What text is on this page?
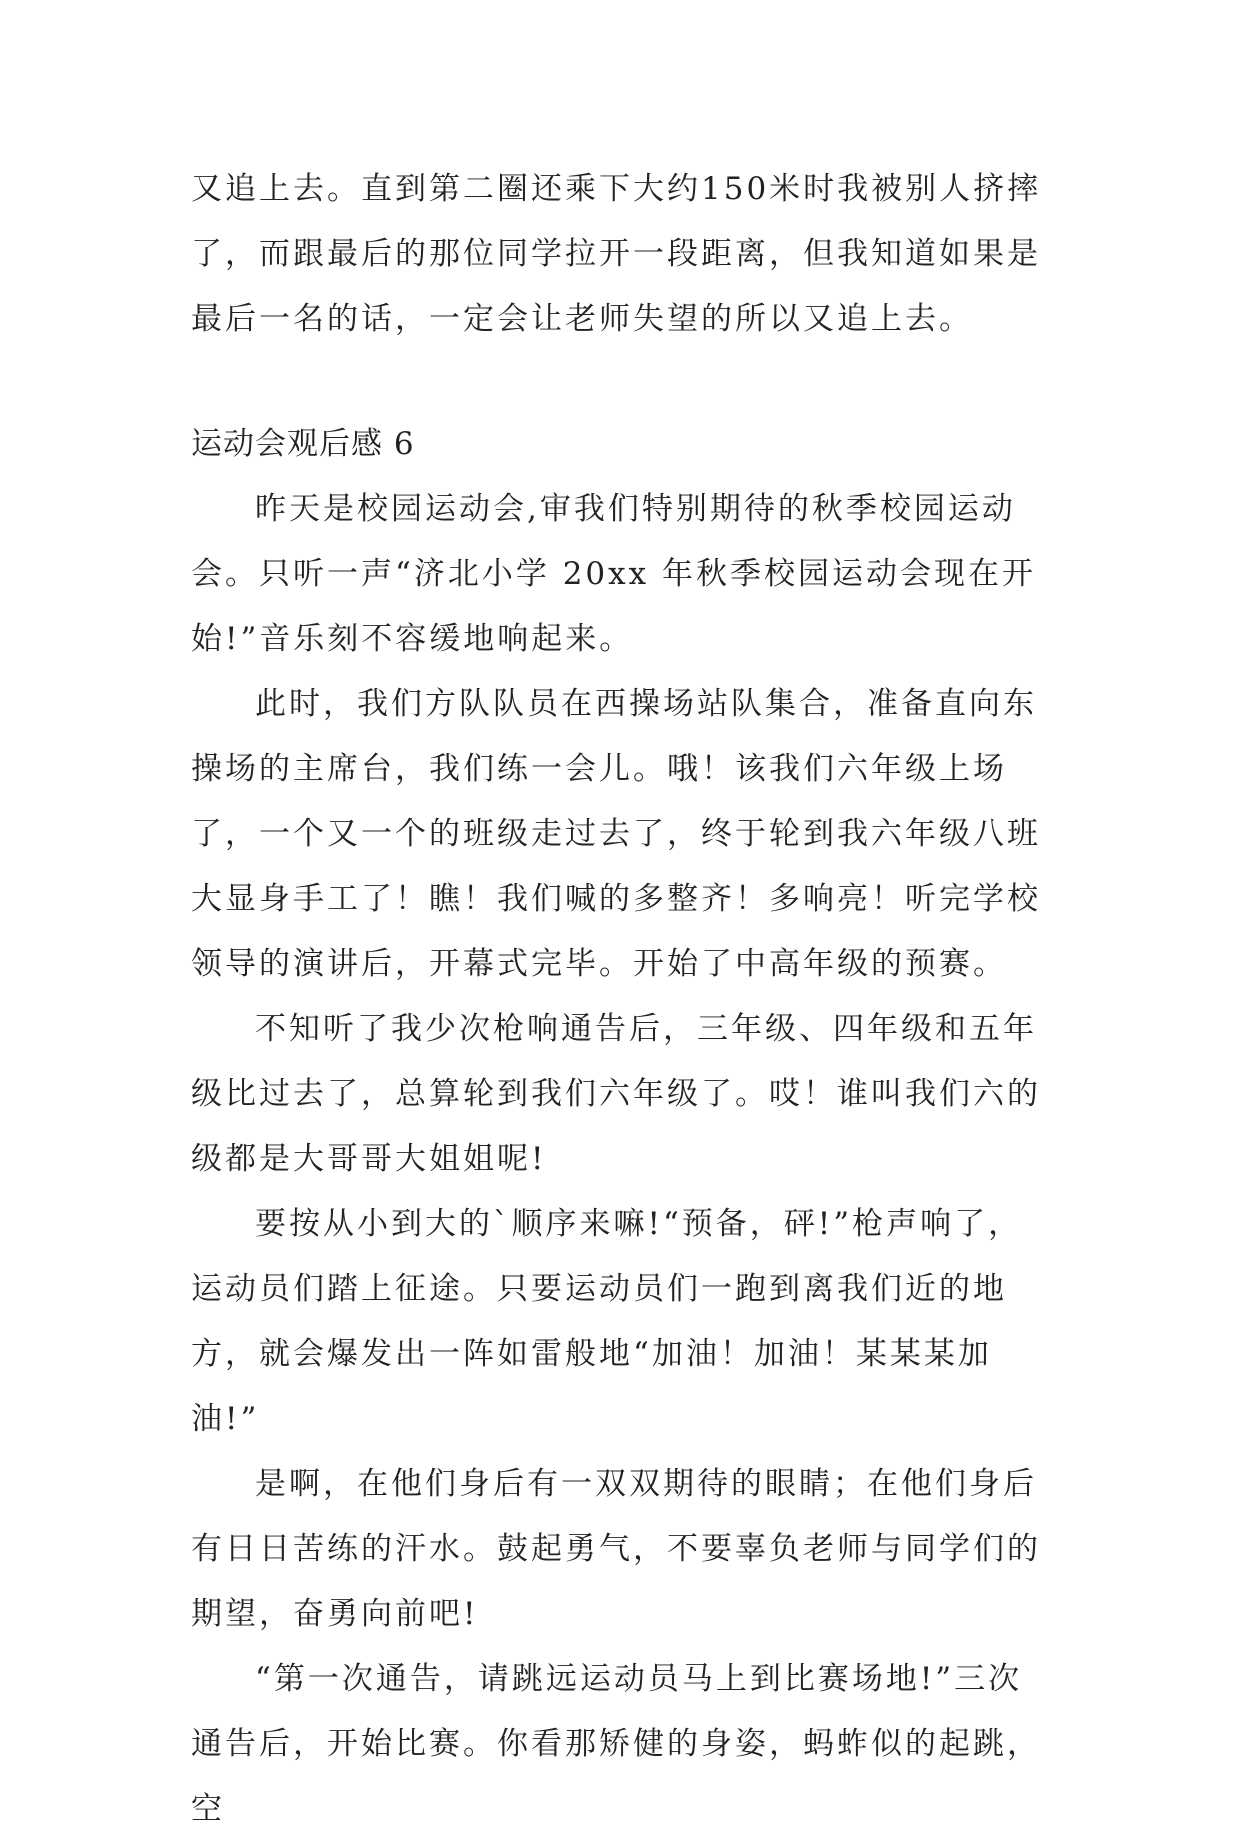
又追上去。直到第二圈还乘下大约150米时我被别人挤摔了，而跟最后的那位同学拉开一段距离，但我知道如果是最后一名的话，一定会让老师失望的所以又追上去。

运动会观后感 6

昨天是校园运动会,审我们特别期待的秋季校园运动会。只听一声“济北小学 20xx 年秋季校园运动会现在开始!”音乐刻不容缓地响起来。

此时，我们方队队员在西操场站队集合，准备直向东操场的主席台，我们练一会儿。哦！该我们六年级上场了，一个又一个的班级走过去了，终于轮到我六年级八班大显身手工了！瞧！我们喊的多整齐！多响亮！听完学校领导的演讲后，开幕式完毕。开始了中高年级的预赛。

不知听了我少次枪响通告后，三年级、四年级和五年级比过去了，总算轮到我们六年级了。哎！谁叫我们六的级都是大哥哥大姐姐呢!

要按从小到大的`顺序来嘛!“预备，砰!”枪声响了，运动员们踏上征途。只要运动员们一跑到离我们近的地方，就会爆发出一阵如雷般地“加油！加油！某某某加油!”

是啊，在他们身后有一双双期待的眼睛；在他们身后有日日苦练的汗水。鼓起勇气，不要辜负老师与同学们的期望，奋勇向前吧!

“第一次通告，请跳远运动员马上到比赛场地!”三次通告后，开始比赛。你看那矫健的身姿，蚂蚱似的起跳，空
